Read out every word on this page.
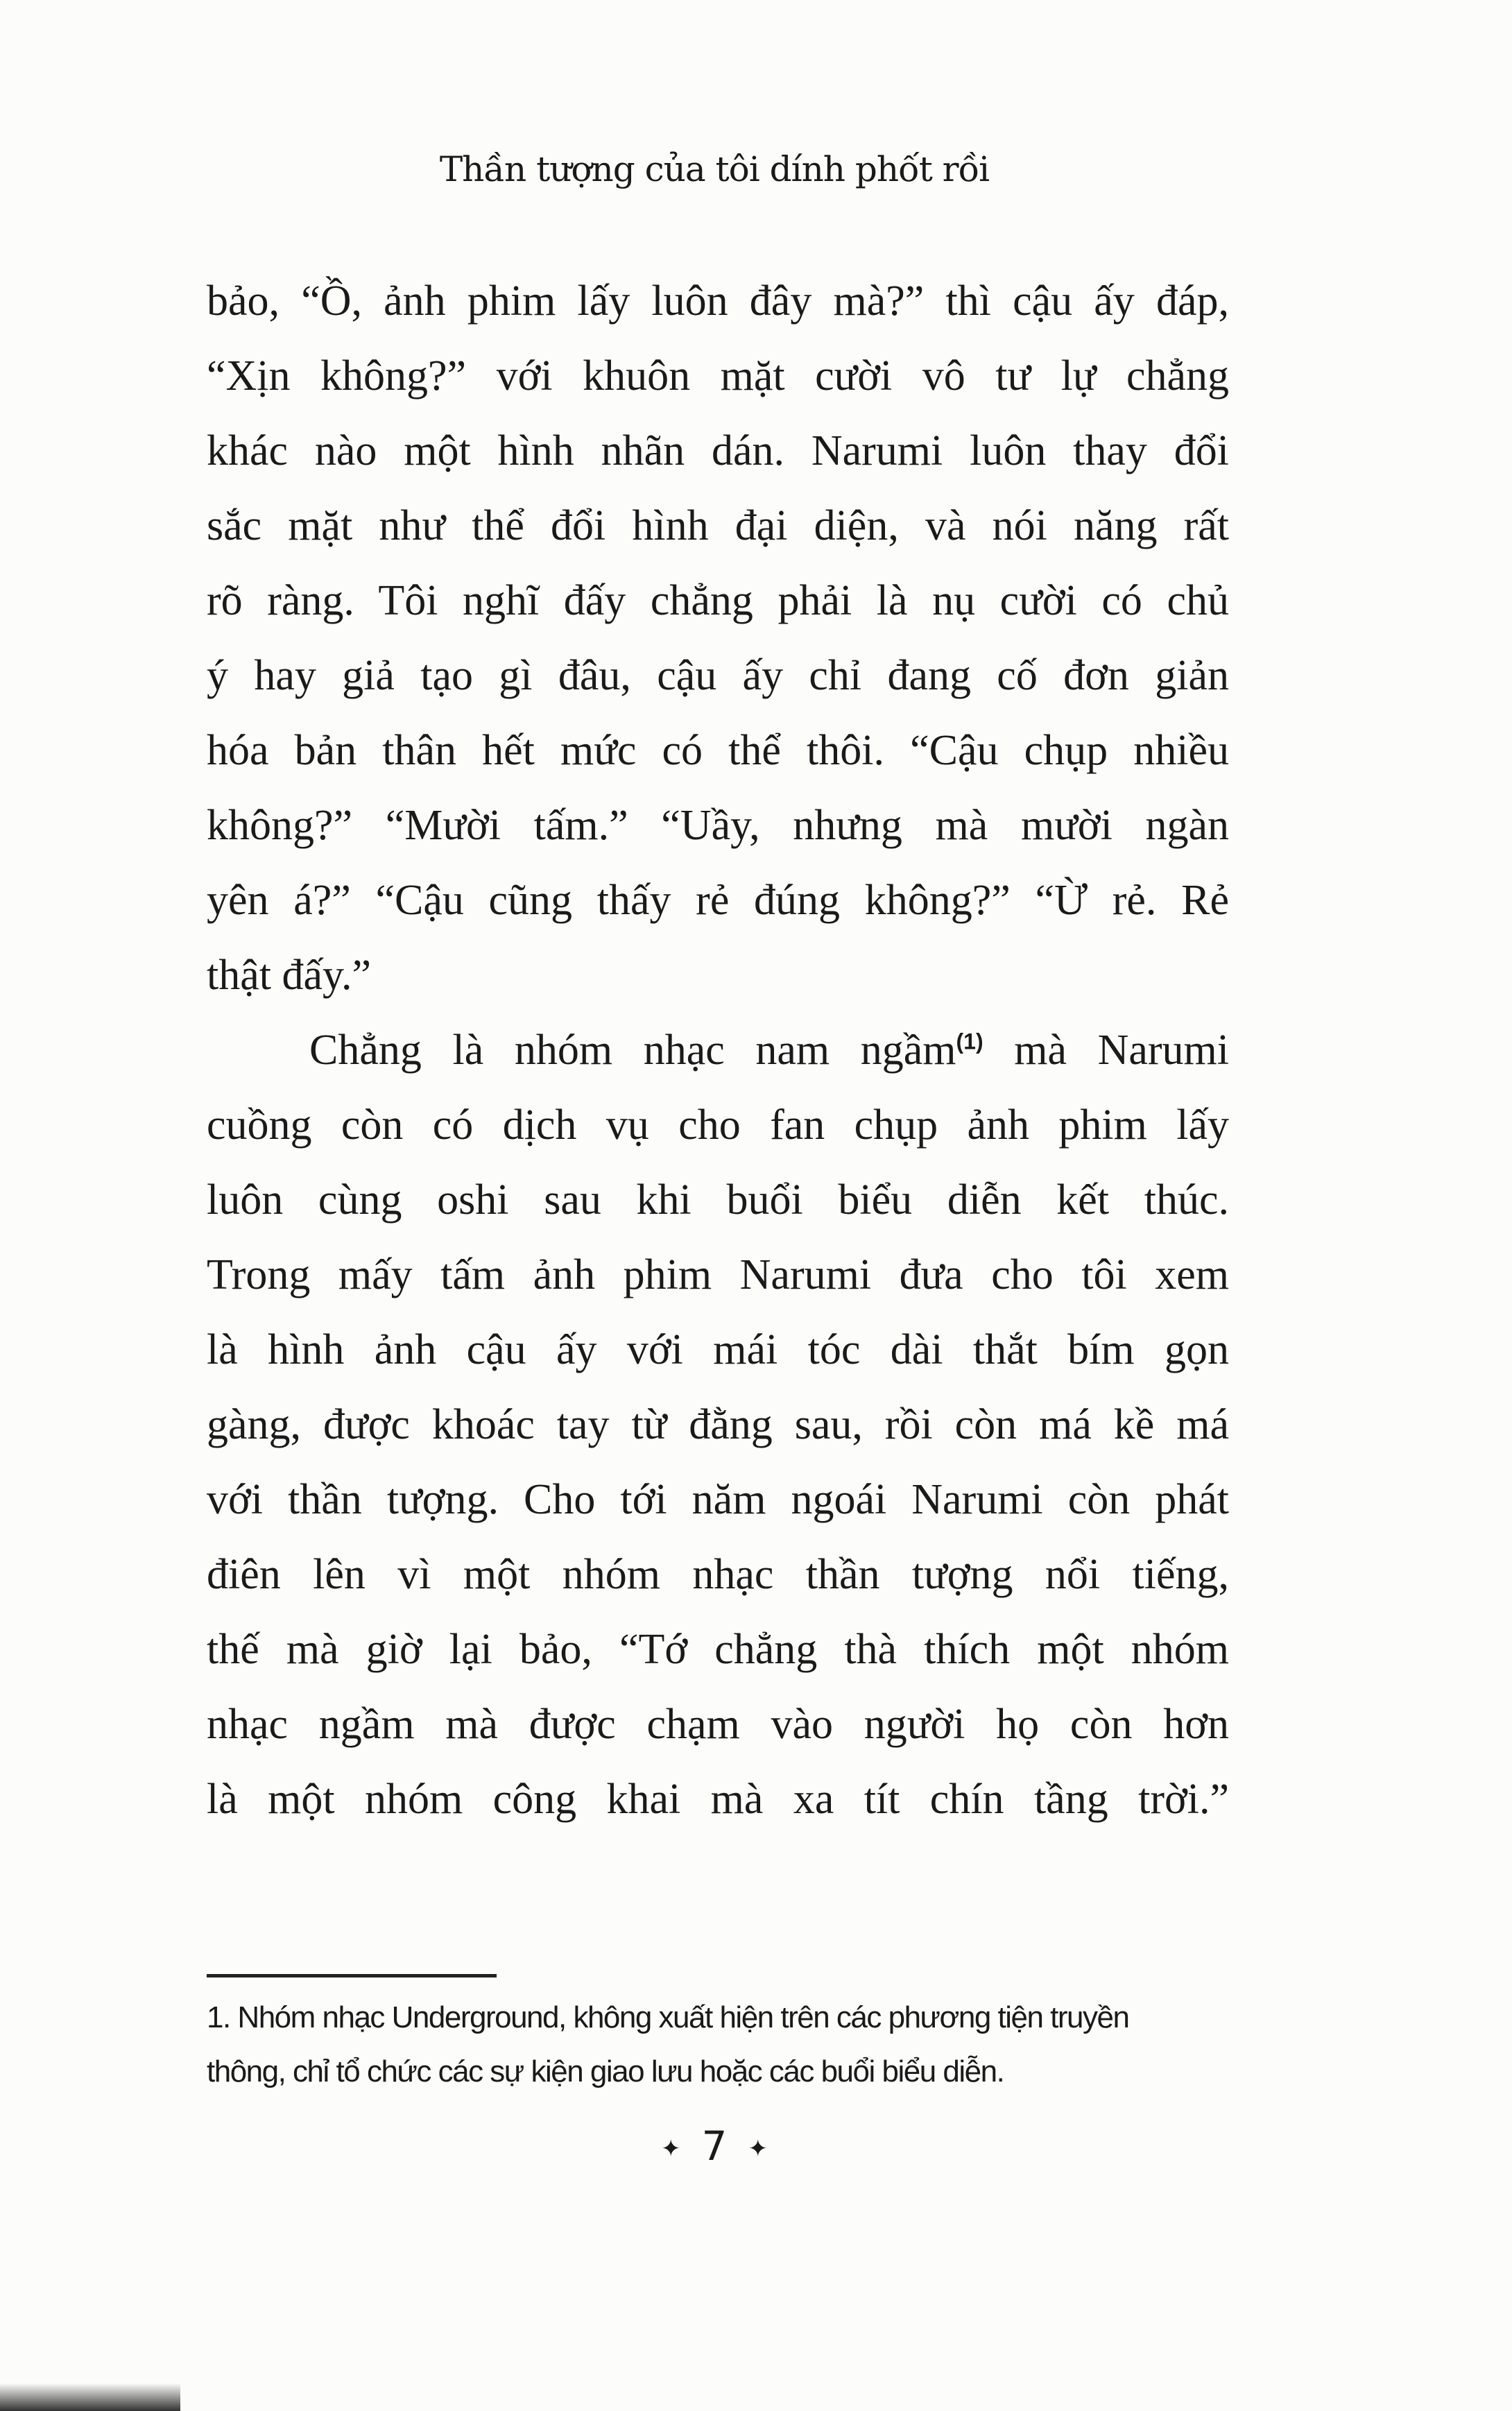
Thần tượng của tôi dính phốt rồi
bảo, “Ồ, ảnh phim lấy luôn đây mà?” thì cậu ấy đáp,
“Xịn không?” với khuôn mặt cười vô tư lự chẳng
khác nào một hình nhãn dán. Narumi luôn thay đổi
sắc mặt như thể đổi hình đại diện, và nói năng rất
rõ ràng. Tôi nghĩ đấy chẳng phải là nụ cười có chủ
ý hay giả tạo gì đâu, cậu ấy chỉ đang cố đơn giản
hóa bản thân hết mức có thể thôi. “Cậu chụp nhiều
không?” “Mười tấm.” “Uầy, nhưng mà mười ngàn
yên á?” “Cậu cũng thấy rẻ đúng không?” “Ừ rẻ. Rẻ
thật đấy.”
Chẳng là nhóm nhạc nam ngầm$^{(1)}$ mà Narumi
cuồng còn có dịch vụ cho fan chụp ảnh phim lấy
luôn cùng oshi sau khi buổi biểu diễn kết thúc.
Trong mấy tấm ảnh phim Narumi đưa cho tôi xem
là hình ảnh cậu ấy với mái tóc dài thắt bím gọn
gàng, được khoác tay từ đằng sau, rồi còn má kề má
với thần tượng. Cho tới năm ngoái Narumi còn phát
điên lên vì một nhóm nhạc thần tượng nổi tiếng,
thế mà giờ lại bảo, “Tớ chẳng thà thích một nhóm
nhạc ngầm mà được chạm vào người họ còn hơn
là một nhóm công khai mà xa tít chín tầng trời.”
1. Nhóm nhạc Underground, không xuất hiện trên các phương tiện truyền
thông, chỉ tổ chức các sự kiện giao lưu hoặc các buổi biểu diễn.
✦ 7 ✦
